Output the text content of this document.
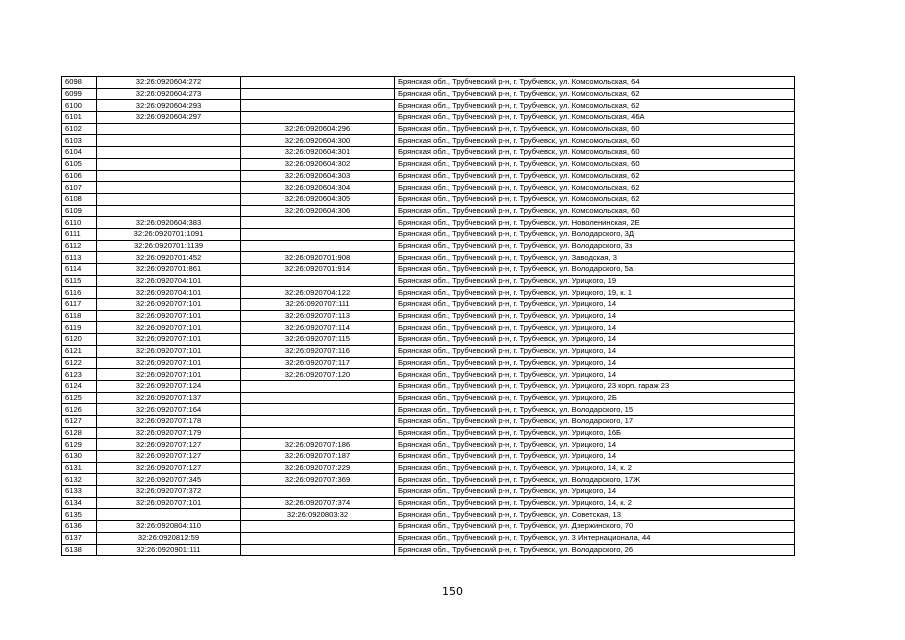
6098	32:26:0920604:272		Брянская обл., Трубчевский р-н, г. Трубчевск, ул. Комсомольская, 64
6099	32:26:0920604:273		Брянская обл., Трубчевский р-н, г. Трубчевск, ул. Комсомольская, 62
6100	32:26:0920604:293		Брянская обл., Трубчевский р-н, г. Трубчевск, ул. Комсомольская, 62
6101	32:26:0920604:297		Брянская обл., Трубчевский р-н, г. Трубчевск, ул. Комсомольская, 46А
6102		32:26:0920604:296	Брянская обл., Трубчевский р-н, г. Трубчевск, ул. Комсомольская, 60
6103		32:26:0920604:300	Брянская обл., Трубчевский р-н, г. Трубчевск, ул. Комсомольская, 60
6104		32:26:0920604:301	Брянская обл., Трубчевский р-н, г. Трубчевск, ул. Комсомольская, 60
6105		32:26:0920604:302	Брянская обл., Трубчевский р-н, г. Трубчевск, ул. Комсомольская, 60
6106		32:26:0920604:303	Брянская обл., Трубчевский р-н, г. Трубчевск, ул. Комсомольская, 62
6107		32:26:0920604:304	Брянская обл., Трубчевский р-н, г. Трубчевск, ул. Комсомольская, 62
6108		32:26:0920604:305	Брянская обл., Трубчевский р-н, г. Трубчевск, ул. Комсомольская, 62
6109		32:26:0920604:306	Брянская обл., Трубчевский р-н, г. Трубчевск, ул. Комсомольская, 60
6110	32:26:0920604:383		Брянская обл., Трубчевский р-н, г. Трубчевск, ул. Новоленинская, 2Е
6111	32:26:0920701:1091		Брянская обл., Трубчевский р-н, г. Трубчевск, ул. Володарского, 3Д
6112	32:26:0920701:1139		Брянская обл., Трубчевский р-н, г. Трубчевск, ул. Володарского, 3з
6113	32:26:0920701:452	32:26:0920701:908	Брянская обл., Трубчевский р-н, г. Трубчевск, ул. Заводская, 3
6114	32:26:0920701:861	32:26:0920701:914	Брянская обл., Трубчевский р-н, г. Трубчевск, ул. Володарского, 5а
6115	32:26:0920704:101		Брянская обл., Трубчевский р-н, г. Трубчевск, ул. Урицкого, 19
6116	32:26:0920704:101	32:26:0920704:122	Брянская обл., Трубчевский р-н, г. Трубчевск, ул. Урицкого, 19, к. 1
6117	32:26:0920707:101	32:26:0920707:111	Брянская обл., Трубчевский р-н, г. Трубчевск, ул. Урицкого, 14
6118	32:26:0920707:101	32:26:0920707:113	Брянская обл., Трубчевский р-н, г. Трубчевск, ул. Урицкого, 14
6119	32:26:0920707:101	32:26:0920707:114	Брянская обл., Трубчевский р-н, г. Трубчевск, ул. Урицкого, 14
6120	32:26:0920707:101	32:26:0920707:115	Брянская обл., Трубчевский р-н, г. Трубчевск, ул. Урицкого, 14
6121	32:26:0920707:101	32:26:0920707:116	Брянская обл., Трубчевский р-н, г. Трубчевск, ул. Урицкого, 14
6122	32:26:0920707:101	32:26:0920707:117	Брянская обл., Трубчевский р-н, г. Трубчевск, ул. Урицкого, 14
6123	32:26:0920707:101	32:26:0920707:120	Брянская обл., Трубчевский р-н, г. Трубчевск, ул. Урицкого, 14
6124	32:26:0920707:124		Брянская обл., Трубчевский р-н, г. Трубчевск, ул. Урицкого, 23 корп. гараж 23
6125	32:26:0920707:137		Брянская обл., Трубчевский р-н, г. Трубчевск, ул. Урицкого, 2Б
6126	32:26:0920707:164		Брянская обл., Трубчевский р-н, г. Трубчевск, ул. Володарского, 15
6127	32:26:0920707:178		Брянская обл., Трубчевский р-н, г. Трубчевск, ул. Володарского, 17
6128	32:26:0920707:179		Брянская обл., Трубчевский р-н, г. Трубчевск, ул. Урицкого, 16Б
6129	32:26:0920707:127	32:26:0920707:186	Брянская обл., Трубчевский р-н, г. Трубчевск, ул. Урицкого, 14
6130	32:26:0920707:127	32:26:0920707:187	Брянская обл., Трубчевский р-н, г. Трубчевск, ул. Урицкого, 14
6131	32:26:0920707:127	32:26:0920707:229	Брянская обл., Трубчевский р-н, г. Трубчевск, ул. Урицкого, 14, к. 2
6132	32:26:0920707:345	32:26:0920707:369	Брянская обл., Трубчевский р-н, г. Трубчевск, ул. Володарского, 17Ж
6133	32:26:0920707:372		Брянская обл., Трубчевский р-н, г. Трубчевск, ул. Урицкого, 14
6134	32:26:0920707:101	32:26:0920707:374	Брянская обл., Трубчевский р-н, г. Трубчевск, ул. Урицкого, 14, к. 2
6135		32:26:0920803:32	Брянская обл., Трубчевский р-н, г. Трубчевск, ул. Советская, 13
6136	32:26:0920804:110		Брянская обл., Трубчевский р-н, г. Трубчевск, ул. Дзержинского, 70
6137	32:26:0920812:59		Брянская обл., Трубчевский р-н, г. Трубчевск, ул. 3 Интернационала, 44
6138	32:26:0920901:111		Брянская обл., Трубчевский р-н, г. Трубчевск, ул. Володарского, 26
150
